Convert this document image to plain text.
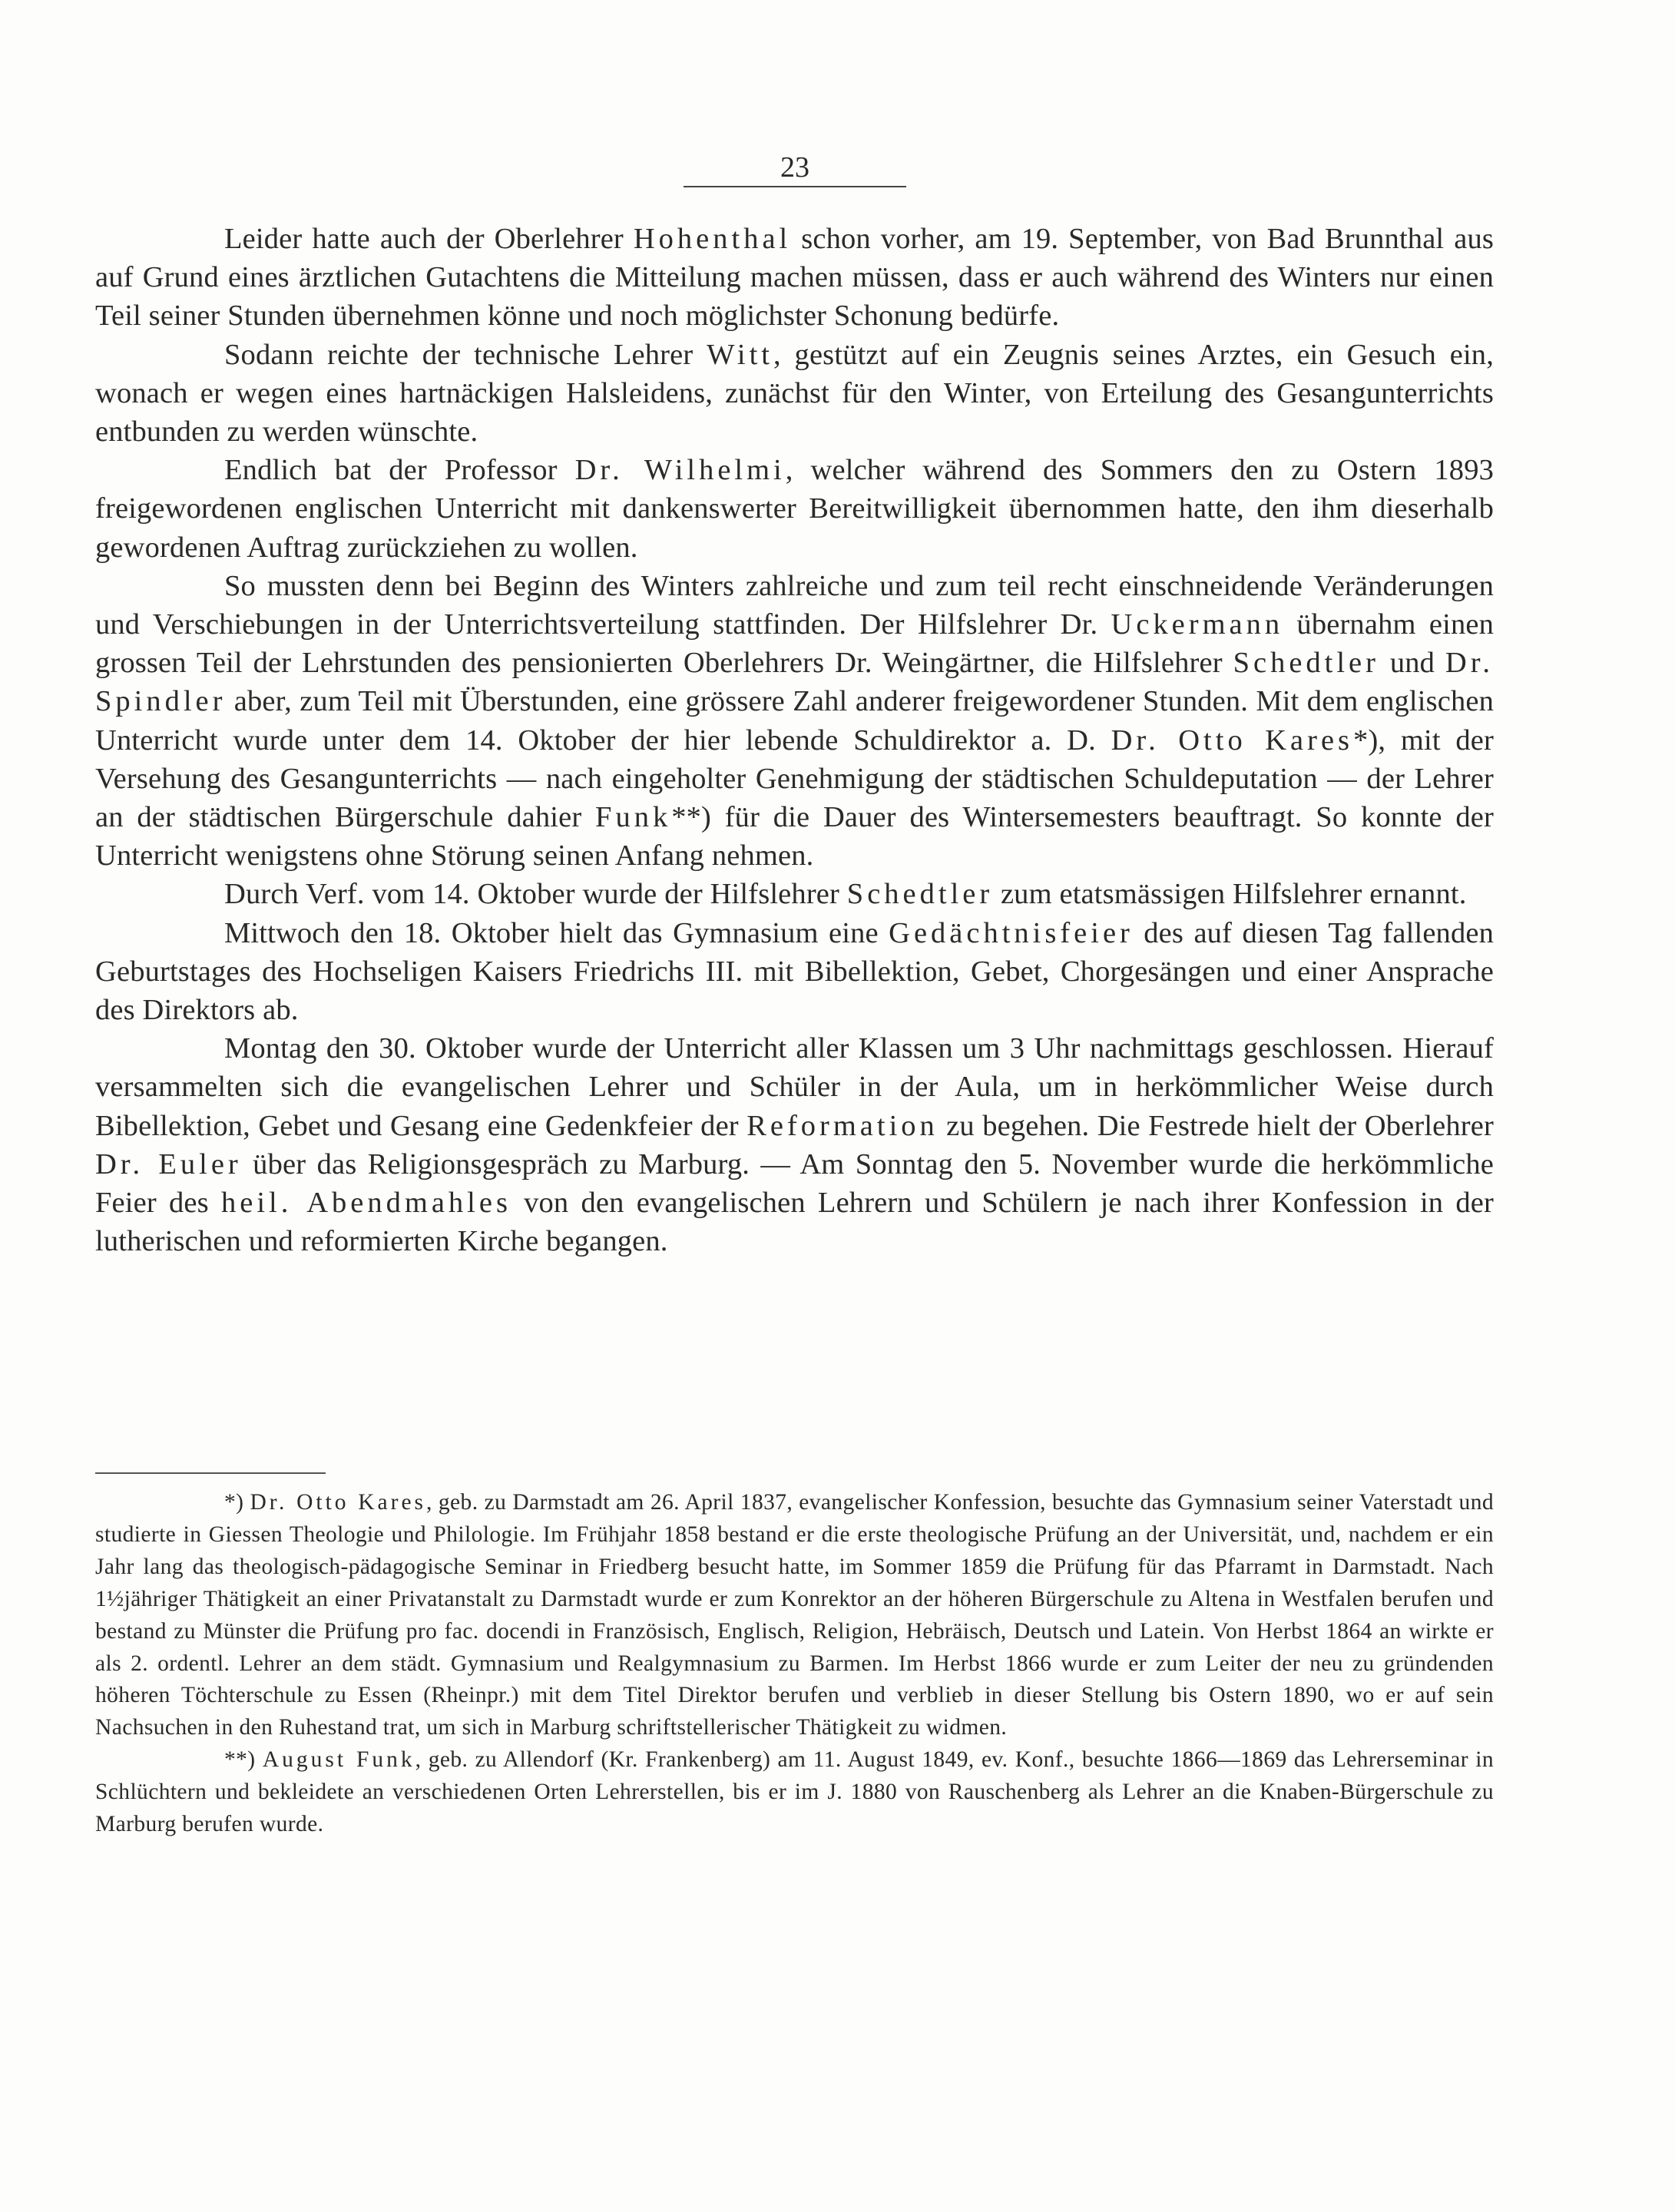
23

Leider hatte auch der Oberlehrer Hohenthal schon vorher, am 19. September, von Bad Brunnthal aus auf Grund eines ärztlichen Gutachtens die Mitteilung machen müssen, dass er auch während des Winters nur einen Teil seiner Stunden übernehmen könne und noch möglichster Schonung bedürfe.

Sodann reichte der technische Lehrer Witt, gestützt auf ein Zeugnis seines Arztes, ein Gesuch ein, wonach er wegen eines hartnäckigen Halsleidens, zunächst für den Winter, von Erteilung des Gesangunterrichts entbunden zu werden wünschte.

Endlich bat der Professor Dr. Wilhelmi, welcher während des Sommers den zu Ostern 1893 freigewordenen englischen Unterricht mit dankenswerter Bereitwilligkeit übernommen hatte, den ihm dieserhalb gewordenen Auftrag zurückziehen zu wollen.

So mussten denn bei Beginn des Winters zahlreiche und zum teil recht einschneidende Veränderungen und Verschiebungen in der Unterrichtsverteilung stattfinden. Der Hilfslehrer Dr. Uckermann übernahm einen grossen Teil der Lehrstunden des pensionierten Oberlehrers Dr. Weingärtner, die Hilfslehrer Schedtler und Dr. Spindler aber, zum Teil mit Überstunden, eine grössere Zahl anderer freigewordener Stunden. Mit dem englischen Unterricht wurde unter dem 14. Oktober der hier lebende Schuldirektor a. D. Dr. Otto Kares*), mit der Versehung des Gesangunterrichts — nach eingeholter Genehmigung der städtischen Schuldeputation — der Lehrer an der städtischen Bürgerschule dahier Funk**) für die Dauer des Wintersemesters beauftragt. So konnte der Unterricht wenigstens ohne Störung seinen Anfang nehmen.

Durch Verf. vom 14. Oktober wurde der Hilfslehrer Schedtler zum etatsmässigen Hilfslehrer ernannt.

Mittwoch den 18. Oktober hielt das Gymnasium eine Gedächtnisfeier des auf diesen Tag fallenden Geburtstages des Hochseligen Kaisers Friedrichs III. mit Bibellektion, Gebet, Chorgesängen und einer Ansprache des Direktors ab.

Montag den 30. Oktober wurde der Unterricht aller Klassen um 3 Uhr nachmittags geschlossen. Hierauf versammelten sich die evangelischen Lehrer und Schüler in der Aula, um in herkömmlicher Weise durch Bibellektion, Gebet und Gesang eine Gedenkfeier der Reformation zu begehen. Die Festrede hielt der Oberlehrer Dr. Euler über das Religionsgespräch zu Marburg. — Am Sonntag den 5. November wurde die herkömmliche Feier des heil. Abendmahles von den evangelischen Lehrern und Schülern je nach ihrer Konfession in der lutherischen und reformierten Kirche begangen.

*) Dr. Otto Kares, geb. zu Darmstadt am 26. April 1837, evangelischer Konfession, besuchte das Gymnasium seiner Vaterstadt und studierte in Giessen Theologie und Philologie. Im Frühjahr 1858 bestand er die erste theologische Prüfung an der Universität, und, nachdem er ein Jahr lang das theologisch-pädagogische Seminar in Friedberg besucht hatte, im Sommer 1859 die Prüfung für das Pfarramt in Darmstadt. Nach 1½jähriger Thätigkeit an einer Privatanstalt zu Darmstadt wurde er zum Konrektor an der höheren Bürgerschule zu Altena in Westfalen berufen und bestand zu Münster die Prüfung pro fac. docendi in Französisch, Englisch, Religion, Hebräisch, Deutsch und Latein. Von Herbst 1864 an wirkte er als 2. ordentl. Lehrer an dem städt. Gymnasium und Realgymnasium zu Barmen. Im Herbst 1866 wurde er zum Leiter der neu zu gründenden höheren Töchterschule zu Essen (Rheinpr.) mit dem Titel Direktor berufen und verblieb in dieser Stellung bis Ostern 1890, wo er auf sein Nachsuchen in den Ruhestand trat, um sich in Marburg schriftstellerischer Thätigkeit zu widmen.

**) August Funk, geb. zu Allendorf (Kr. Frankenberg) am 11. August 1849, ev. Konf., besuchte 1866—1869 das Lehrerseminar in Schlüchtern und bekleidete an verschiedenen Orten Lehrerstellen, bis er im J. 1880 von Rauschenberg als Lehrer an die Knaben-Bürgerschule zu Marburg berufen wurde.
